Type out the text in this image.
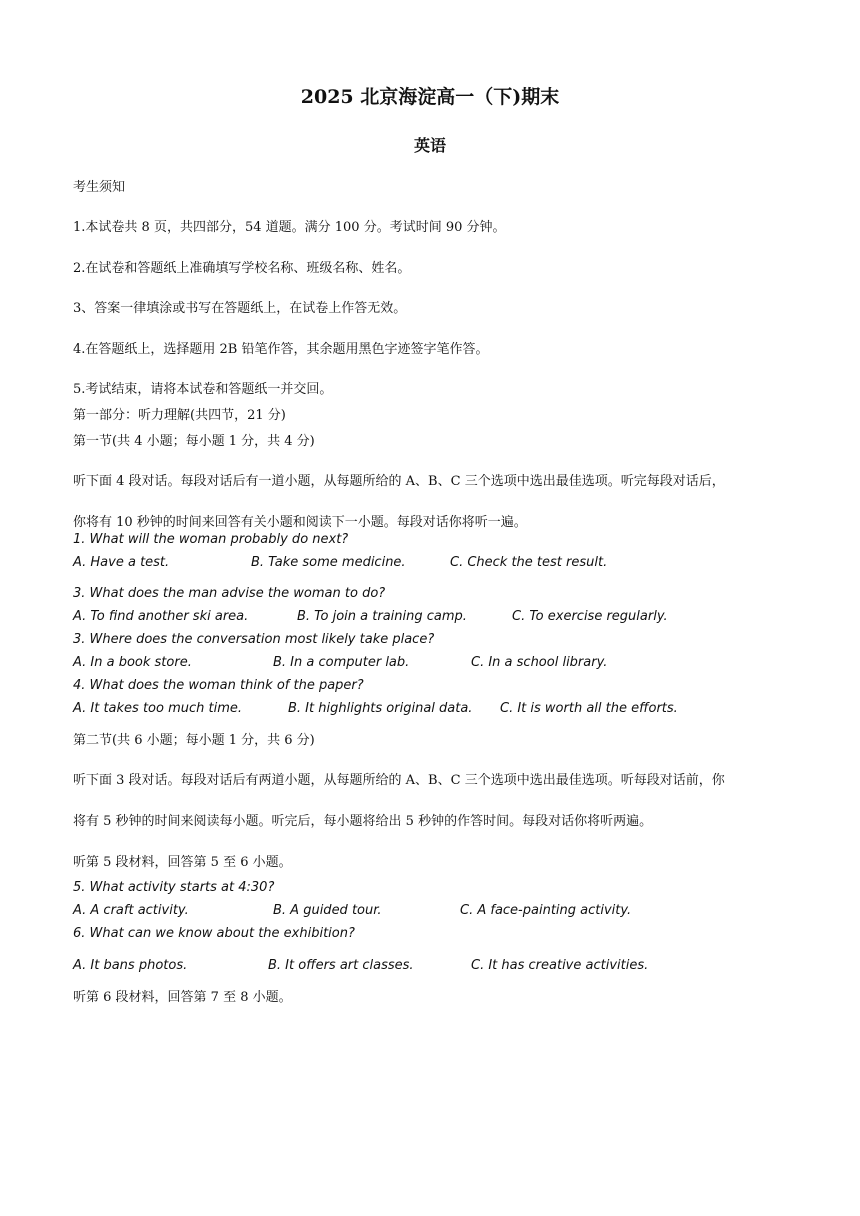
2025 北京海淀高一（下)期末
英语
考生须知
1.本试卷共 8 页，共四部分，54 道题。满分 100 分。考试时间 90 分钟。
2.在试卷和答题纸上准确填写学校名称、班级名称、姓名。
3、答案一律填涂或书写在答题纸上，在试卷上作答无效。
4.在答题纸上，选择题用 2B 铅笔作答，其余题用黑色字迹签字笔作答。
5.考试结束，请将本试卷和答题纸一并交回。
第一部分：听力理解(共四节，21 分)
第一节(共 4 小题；每小题 1 分，共 4 分)
听下面 4 段对话。每段对话后有一道小题，从每题所给的 A、B、C 三个选项中选出最佳选项。听完每段对话后，
你将有 10 秒钟的时间来回答有关小题和阅读下一小题。每段对话你将听一遍。
1. What will the woman probably do next?
A. Have a test.	B. Take some medicine.	C. Check the test result.
3. What does the man advise the woman to do?
A. To find another ski area.	B. To join a training camp.	C. To exercise regularly.
3. Where does the conversation most likely take place?
A. In a book store.	B. In a computer lab.	C. In a school library.
4. What does the woman think of the paper?
A. It takes too much time.	B. It highlights original data. C. It is worth all the efforts.
第二节(共 6 小题；每小题 1 分，共 6 分)
听下面 3 段对话。每段对话后有两道小题，从每题所给的 A、B、C 三个选项中选出最佳选项。听每段对话前，你
将有 5 秒钟的时间来阅读每小题。听完后，每小题将给出 5 秒钟的作答时间。每段对话你将听两遍。
听第 5 段材料，回答第 5 至 6 小题。
5. What activity starts at 4:30?
A. A craft activity.	B. A guided tour.	C. A face-painting activity.
6. What can we know about the exhibition?
A. It bans photos.	B. It offers art classes.	C. It has creative activities.
听第 6 段材料，回答第 7 至 8 小题。
